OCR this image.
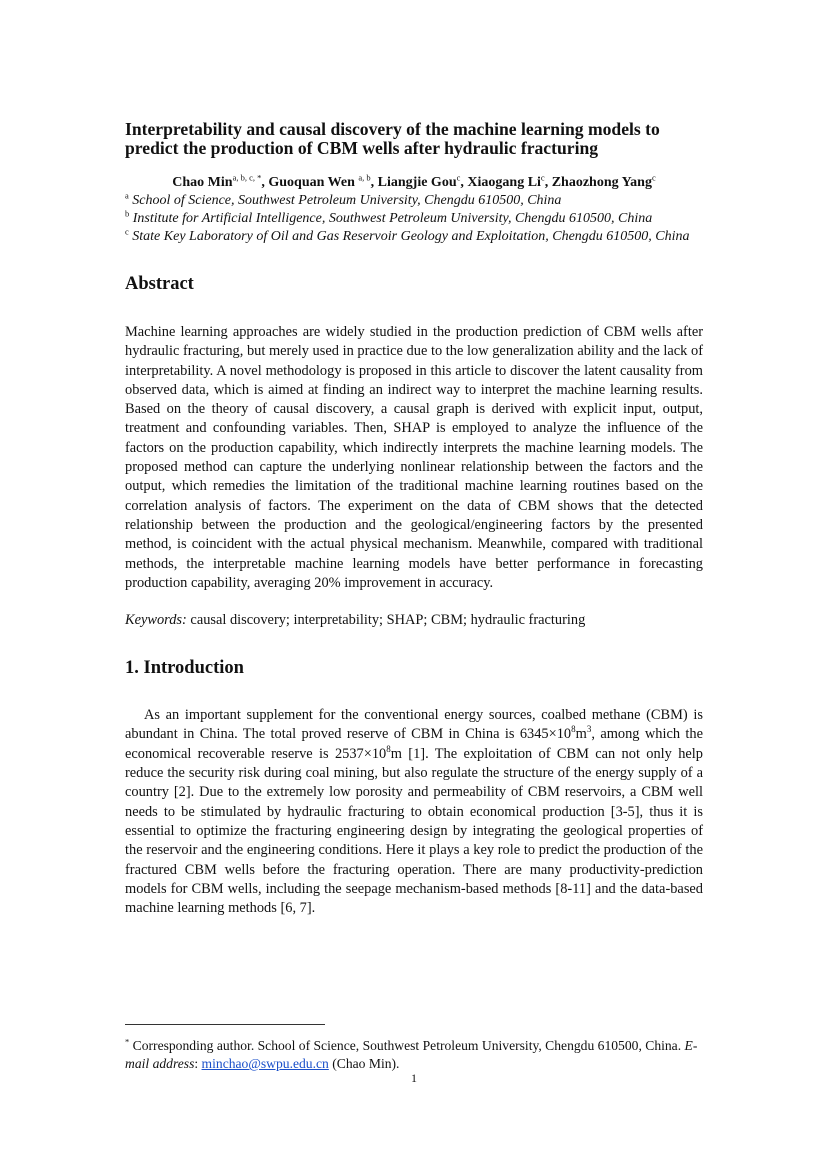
Interpretability and causal discovery of the machine learning models to predict the production of CBM wells after hydraulic fracturing
Chao Min$^{a, b, c, *}$, Guoquan Wen $^{a, b}$, Liangjie Gou$^c$, Xiaogang Li$^c$, Zhaozhong Yang$^c$
$^a$ School of Science, Southwest Petroleum University, Chengdu 610500, China
$^b$ Institute for Artificial Intelligence, Southwest Petroleum University, Chengdu 610500, China
$^c$ State Key Laboratory of Oil and Gas Reservoir Geology and Exploitation, Chengdu 610500, China
Abstract

Machine learning approaches are widely studied in the production prediction of CBM wells after hydraulic fracturing, but merely used in practice due to the low generalization ability and the lack of interpretability. A novel methodology is proposed in this article to discover the latent causality from observed data, which is aimed at finding an indirect way to interpret the machine learning results. Based on the theory of causal discovery, a causal graph is derived with explicit input, output, treatment and confounding variables. Then, SHAP is employed to analyze the influence of the factors on the production capability, which indirectly interprets the machine learning models. The proposed method can capture the underlying nonlinear relationship between the factors and the output, which remedies the limitation of the traditional machine learning routines based on the correlation analysis of factors. The experiment on the data of CBM shows that the detected relationship between the production and the geological/engineering factors by the presented method, is coincident with the actual physical mechanism. Meanwhile, compared with traditional methods, the interpretable machine learning models have better performance in forecasting production capability, averaging 20% improvement in accuracy.

Keywords: causal discovery; interpretability; SHAP; CBM; hydraulic fracturing

1. Introduction

As an important supplement for the conventional energy sources, coalbed methane (CBM) is abundant in China. The total proved reserve of CBM in China is $6345\times 10^8m^3$, among which the economical recoverable reserve is $2537\times 10^8m$ [1]. The exploitation of CBM can not only help reduce the security risk during coal mining, but also regulate the structure of the energy supply of a country [2]. Due to the extremely low porosity and permeability of CBM reservoirs, a CBM well needs to be stimulated by hydraulic fracturing to obtain economical production [3-5], thus it is essential to optimize the fracturing engineering design by integrating the geological properties of the reservoir and the engineering conditions. Here it plays a key role to predict the production of the fractured CBM wells before the fracturing operation. There are many productivity-prediction models for CBM wells, including the seepage mechanism-based methods [8-11] and the data-based machine learning methods [6, 7].

* Corresponding author. School of Science, Southwest Petroleum University, Chengdu 610500, China. E-mail address: minchao@swpu.edu.cn (Chao Min).
1
